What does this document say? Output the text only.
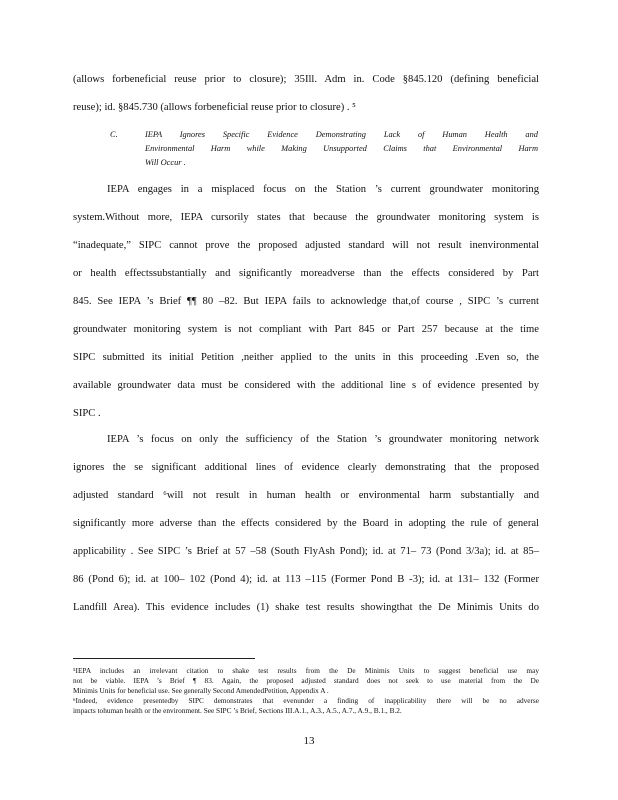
(allows forbeneficial reuse prior to closure); 35Ill. Adm in. Code §845.120 (defining beneficial
reuse); id. §845.730 (allows forbeneficial reuse prior to closure) . ⁵
C.	IEPA Ignores Specific Evidence Demonstrating Lack of Human Health and
Environmental Harm while Making Unsupported Claims that Environmental Harm
Will Occur .
IEPA engages in a misplaced focus on the Station ’s current groundwater monitoring
system.Without more, IEPA cursorily states that because the groundwater monitoring system is
“inadequate,” SIPC cannot prove the proposed adjusted standard will not result inenvironmental
or health effectssubstantially and significantly moreadverse than the effects considered by Part
845. See IEPA ’s Brief ¶¶ 80 –82. But IEPA fails to acknowledge that,of course , SIPC ’s current
groundwater monitoring system is not compliant with Part 845 or Part 257 because at the time
SIPC submitted its initial Petition ,neither applied to the units in this proceeding .Even so, the
available groundwater data must be considered with the additional line s of evidence presented by
SIPC .
IEPA ’s focus on only the sufficiency of the Station ’s groundwater monitoring network
ignores the se significant additional lines of evidence clearly demonstrating that the proposed
adjusted standard ⁶will not result in human health or environmental harm substantially and
significantly more adverse than the effects considered by the Board in adopting the rule of general
applicability . See SIPC ’s Brief at 57 –58 (South FlyAsh Pond); id. at 71– 73 (Pond 3/3a); id. at 85–
86 (Pond 6); id. at 100– 102 (Pond 4); id. at 113 –115 (Former Pond B -3); id. at 131– 132 (Former
Landfill Area). This evidence includes (1) shake test results showingthat the De Minimis Units do
⁵IEPA includes an irrelevant citation to shake test results from the De Minimis Units to suggest beneficial use may
not be viable. IEPA ’s Brief ¶ 83. Again, the proposed adjusted standard does not seek to use material from the De
Minimis Units for beneficial use. See generally Second AmendedPetition, Appendix A .
⁶Indeed, evidence presentedby SIPC demonstrates that evenunder a finding of inapplicability there will be no adverse
impacts tohuman health or the environment. See SIPC ’s Brief, Sections III.A.1., A.3., A.5., A.7., A.9., B.1., B.2.
13
